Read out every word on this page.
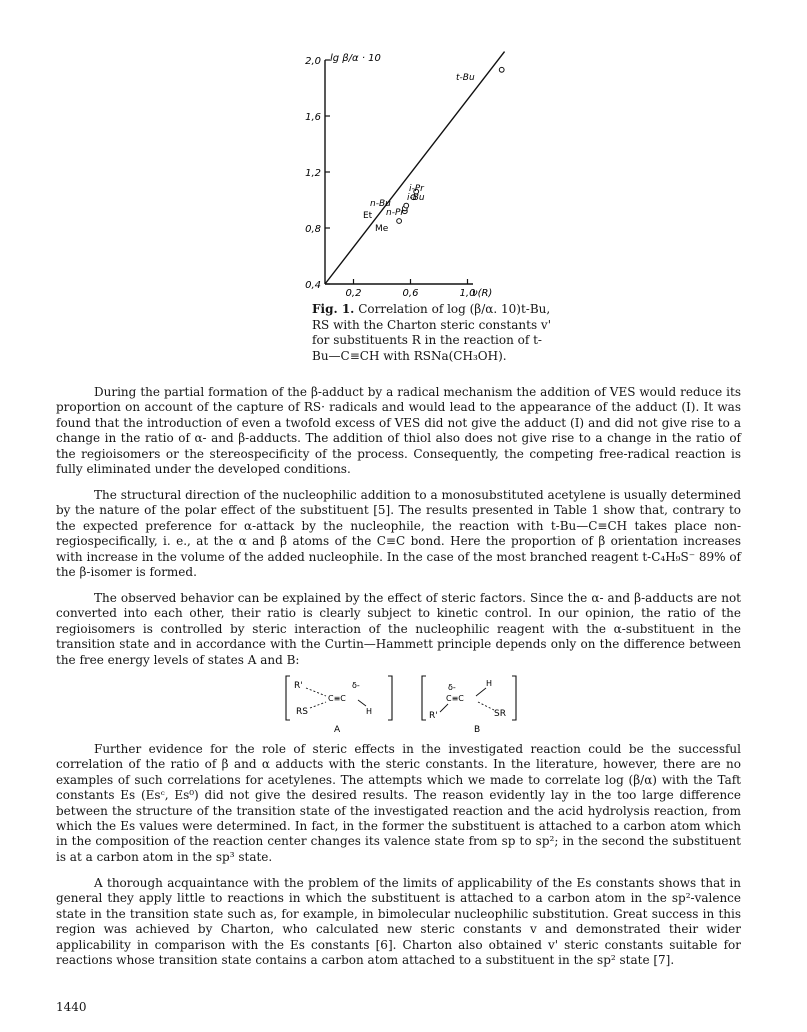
lg β/α · 10
ν(R)
0,4
0,8
1,2
1,6
2,0
0,2	0,6	1,0
t-Bu
i-Pr
i-Bu
n-Bu
Et n-Pr
Me
Fig. 1. Correlation of log (β/α. 10)t-Bu, RS with the Charton steric constants v' for substituents R in the reaction of t-Bu—C≡CH with RSNa(CH₃OH).

During the partial formation of the β-adduct by a radical mechanism the addition of VES would reduce its proportion on account of the capture of RS· radicals and would lead to the appearance of the adduct (I). It was found that the introduction of even a twofold excess of VES did not give the adduct (I) and did not give rise to a change in the ratio of α- and β-adducts. The addition of thiol also does not give rise to a change in the ratio of the regioisomers or the stereospecificity of the process. Consequently, the competing free-radical reaction is fully eliminated under the developed conditions.

The structural direction of the nucleophilic addition to a monosubstituted acetylene is usually determined by the nature of the polar effect of the substituent [5]. The results presented in Table 1 show that, contrary to the expected preference for α-attack by the nucleophile, the reaction with t-Bu—C≡CH takes place non-regiospecifically, i. e., at the α and β atoms of the C≡C bond. Here the proportion of β orientation increases with increase in the volume of the added nucleophile. In the case of the most branched reagent t-C₄H₉S⁻ 89% of the β-isomer is formed.

The observed behavior can be explained by the effect of steric factors. Since the α- and β-adducts are not converted into each other, their ratio is clearly subject to kinetic control. In our opinion, the ratio of the regioisomers is controlled by steric interaction of the nucleophilic reagent with the α-substituent in the transition state and in accordance with the Curtin—Hammett principle depends only on the difference between the free energy levels of states A and B:

R'	δ-
C≡C
RS	H
A
H
δ-
C≡C
R'	SR
B

Further evidence for the role of steric effects in the investigated reaction could be the successful correlation of the ratio of β and α adducts with the steric constants. In the literature, however, there are no examples of such correlations for acetylenes. The attempts which we made to correlate log (β/α) with the Taft constants Es (Esᶜ, Es⁰) did not give the desired results. The reason evidently lay in the too large difference between the structure of the transition state of the investigated reaction and the acid hydrolysis reaction, from which the Es values were determined. In fact, in the former the substituent is attached to a carbon atom which in the composition of the reaction center changes its valence state from sp to sp²; in the second the substituent is at a carbon atom in the sp³ state.

A thorough acquaintance with the problem of the limits of applicability of the Es constants shows that in general they apply little to reactions in which the substituent is attached to a carbon atom in the sp²-valence state in the transition state such as, for example, in bimolecular nucleophilic substitution. Great success in this region was achieved by Charton, who calculated new steric constants v and demonstrated their wider applicability in comparison with the Es constants [6]. Charton also obtained v' steric constants suitable for reactions whose transition state contains a carbon atom attached to a substituent in the sp² state [7].

1440
